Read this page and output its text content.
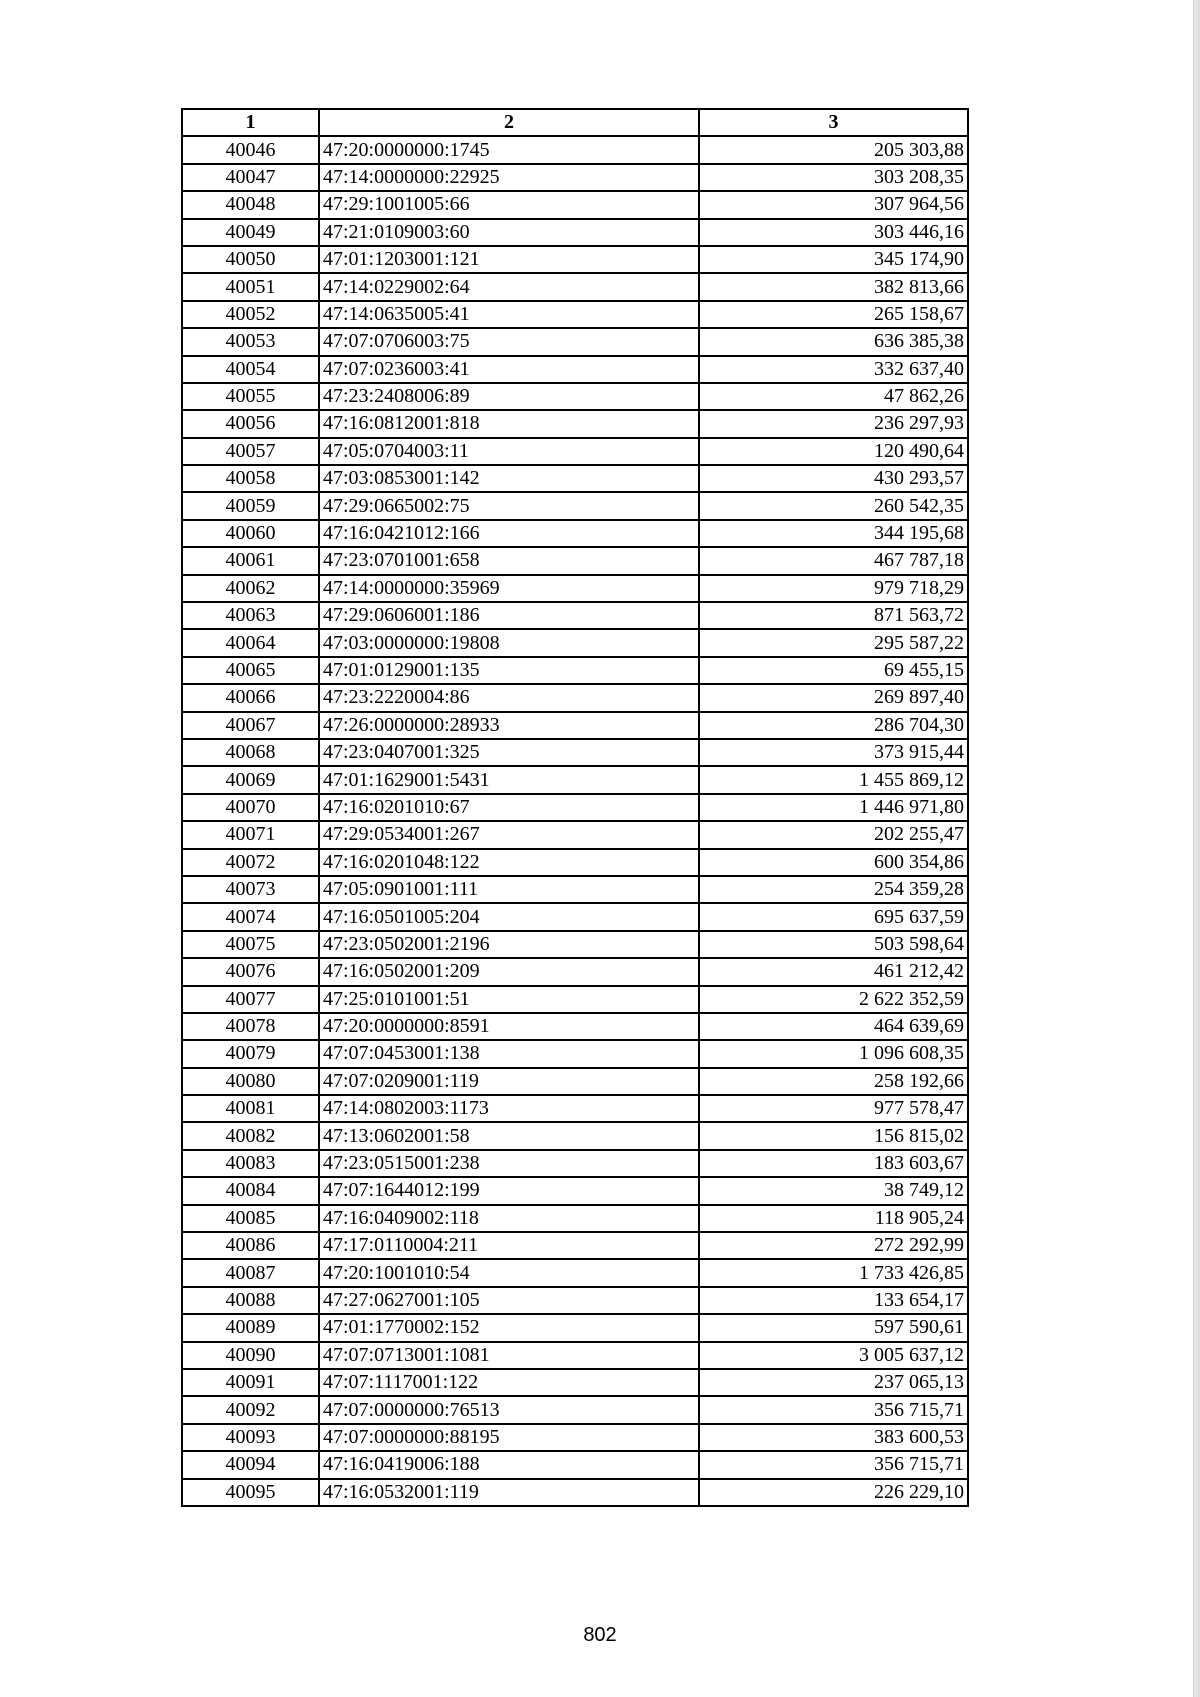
1	2	3
40046	47:20:0000000:1745	205 303,88
40047	47:14:0000000:22925	303 208,35
40048	47:29:1001005:66	307 964,56
40049	47:21:0109003:60	303 446,16
40050	47:01:1203001:121	345 174,90
40051	47:14:0229002:64	382 813,66
40052	47:14:0635005:41	265 158,67
40053	47:07:0706003:75	636 385,38
40054	47:07:0236003:41	332 637,40
40055	47:23:2408006:89	47 862,26
40056	47:16:0812001:818	236 297,93
40057	47:05:0704003:11	120 490,64
40058	47:03:0853001:142	430 293,57
40059	47:29:0665002:75	260 542,35
40060	47:16:0421012:166	344 195,68
40061	47:23:0701001:658	467 787,18
40062	47:14:0000000:35969	979 718,29
40063	47:29:0606001:186	871 563,72
40064	47:03:0000000:19808	295 587,22
40065	47:01:0129001:135	69 455,15
40066	47:23:2220004:86	269 897,40
40067	47:26:0000000:28933	286 704,30
40068	47:23:0407001:325	373 915,44
40069	47:01:1629001:5431	1 455 869,12
40070	47:16:0201010:67	1 446 971,80
40071	47:29:0534001:267	202 255,47
40072	47:16:0201048:122	600 354,86
40073	47:05:0901001:111	254 359,28
40074	47:16:0501005:204	695 637,59
40075	47:23:0502001:2196	503 598,64
40076	47:16:0502001:209	461 212,42
40077	47:25:0101001:51	2 622 352,59
40078	47:20:0000000:8591	464 639,69
40079	47:07:0453001:138	1 096 608,35
40080	47:07:0209001:119	258 192,66
40081	47:14:0802003:1173	977 578,47
40082	47:13:0602001:58	156 815,02
40083	47:23:0515001:238	183 603,67
40084	47:07:1644012:199	38 749,12
40085	47:16:0409002:118	118 905,24
40086	47:17:0110004:211	272 292,99
40087	47:20:1001010:54	1 733 426,85
40088	47:27:0627001:105	133 654,17
40089	47:01:1770002:152	597 590,61
40090	47:07:0713001:1081	3 005 637,12
40091	47:07:1117001:122	237 065,13
40092	47:07:0000000:76513	356 715,71
40093	47:07:0000000:88195	383 600,53
40094	47:16:0419006:188	356 715,71
40095	47:16:0532001:119	226 229,10
802
